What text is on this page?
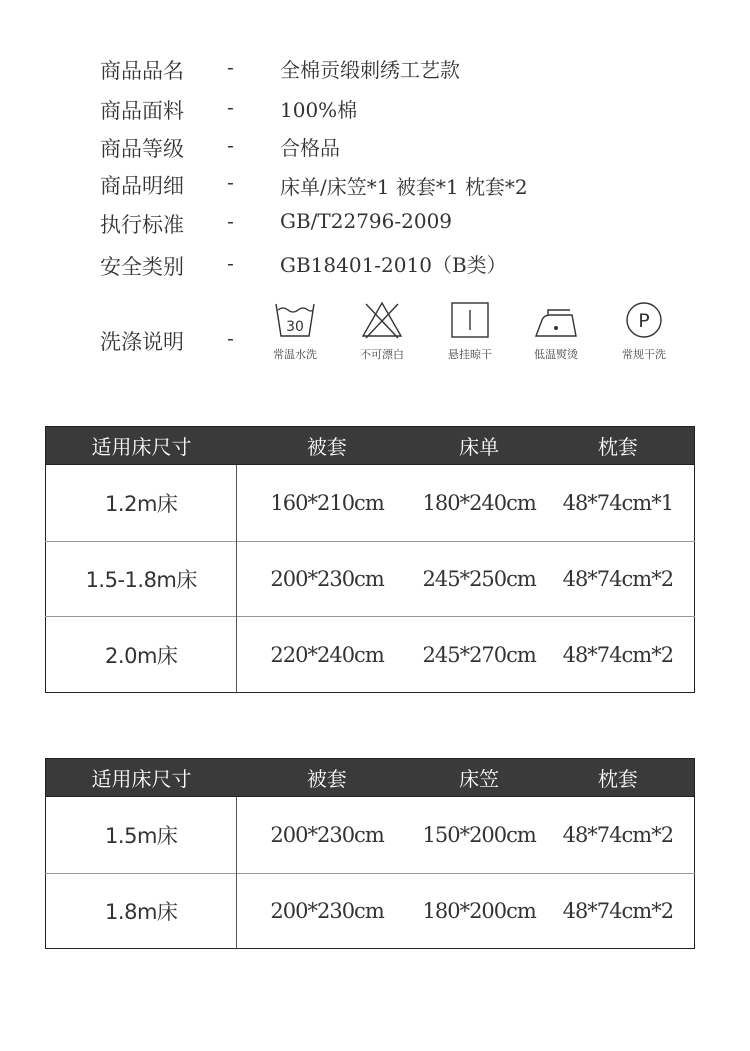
商品品名 - 全棉贡缎刺绣工艺款
商品面料 - 100%棉
商品等级 - 合格品
商品明细 - 床单/床笠*1 被套*1 枕套*2
执行标准 - GB/T22796-2009
安全类别 - GB18401-2010（B类）
洗涤说明 -
30
常温水洗	不可漂白	悬挂晾干	低温熨烫
P
常规干洗
适用床尺寸	被套	床单	枕套
1.2m床	160*210cm	180*240cm	48*74cm*1
1.5-1.8m床	200*230cm	245*250cm	48*74cm*2
2.0m床	220*240cm	245*270cm	48*74cm*2
适用床尺寸	被套	床笠	枕套
1.5m床	200*230cm	150*200cm	48*74cm*2
1.8m床	200*230cm	180*200cm	48*74cm*2
